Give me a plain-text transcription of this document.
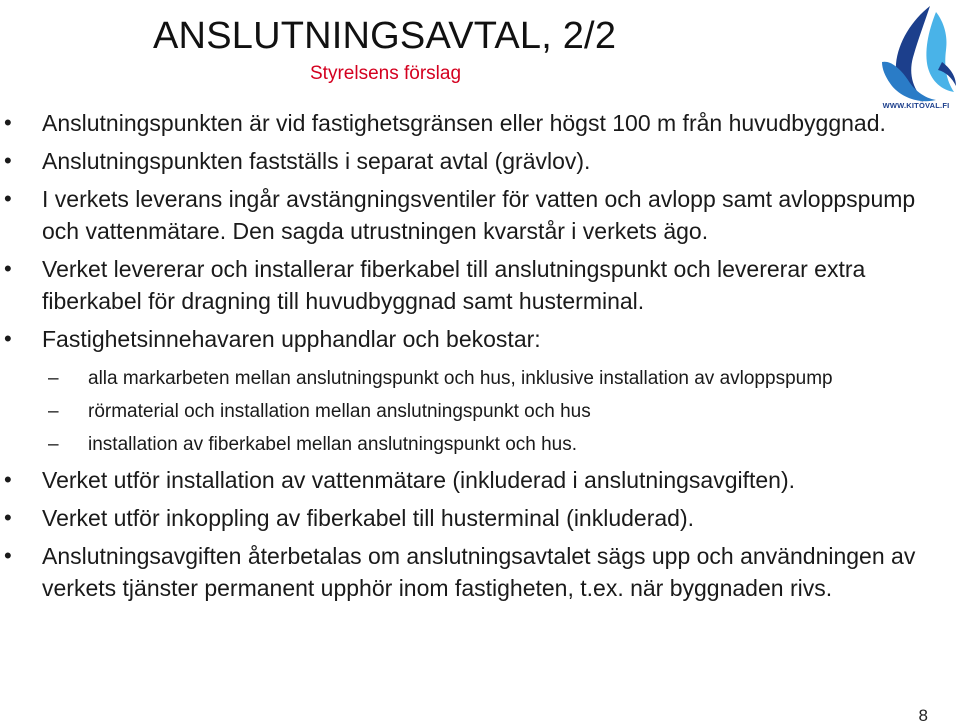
ANSLUTNINGSAVTAL, 2/2
Styrelsens förslag
WWW.KITÖVAL.FI
• Anslutningspunkten är vid fastighetsgränsen eller högst 100 m från huvudbyggnad.
• Anslutningspunkten fastställs i separat avtal (grävlov).
• I verkets leverans ingår avstängningsventiler för vatten och avlopp samt avloppspump och vattenmätare. Den sagda utrustningen kvarstår i verkets ägo.
• Verket levererar och installerar fiberkabel till anslutningspunkt och levererar extra fiberkabel för dragning till huvudbyggnad samt husterminal.
• Fastighetsinnehavaren upphandlar och bekostar:
– alla markarbeten mellan anslutningspunkt och hus, inklusive installation av avloppspump
– rörmaterial och installation mellan anslutningspunkt och hus
– installation av fiberkabel mellan anslutningspunkt och hus.
• Verket utför installation av vattenmätare (inkluderad i anslutningsavgiften).
• Verket utför inkoppling av fiberkabel till husterminal (inkluderad).
• Anslutningsavgiften återbetalas om anslutningsavtalet sägs upp och användningen av verkets tjänster permanent upphör inom fastigheten, t.ex. när byggnaden rivs.
8
